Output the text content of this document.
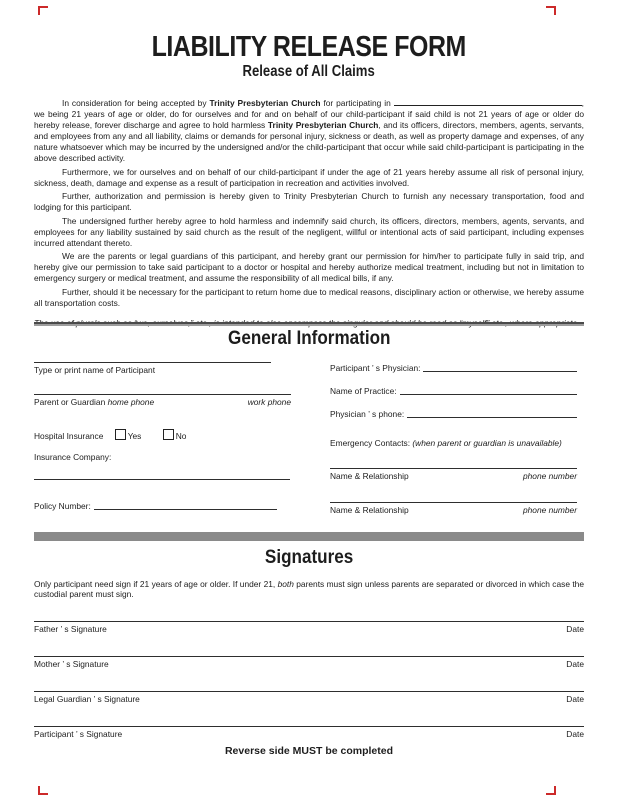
LIABILITY RELEASE FORM
Release of All Claims

In consideration for being accepted by Trinity Presbyterian Church for participating in	, we being 21 years of age or older, do for ourselves and for and on behalf of our child-participant if said child is not 21 years of age or older do hereby release, forever discharge and agree to hold harmless Trinity Presbyterian Church, and its officers, directors, members, agents, servants, and employees from any and all liability, claims or demands for personal injury, sickness or death, as well as property damage and expenses, of any nature whatsoever which may be incurred by the undersigned and/or the child-participant that occur while said child-participant is participating in the above described activity.

Furthermore, we for ourselves and on behalf of our child-participant if under the age of 21 years hereby assume all risk of personal injury, sickness, death, damage and expense as a result of participation in recreation and activities involved.

Further, authorization and permission is hereby given to Trinity Presbyterian Church to furnish any necessary transportation, food and lodging for this participant.

The undersigned further hereby agree to hold harmless and indemnify said church, its officers, directors, members, agents, servants, and employees for any liability sustained by said church as the result of the negligent, willful or intentional acts of said participant, including expenses incurred attendant thereto.

We are the parents or legal guardians of this participant, and hereby grant our permission for him/her to participate fully in said trip, and hereby give our permission to take said participant to a doctor or hospital and hereby authorize medical treatment, including but not in limitation to emergency surgery or medical treatment, and assume the responsibility of all medical bills, if any.

Further, should it be necessary for the participant to return home due to medical reasons, disciplinary action or otherwise, we hereby assume all transportation costs.

General Information
Type or print name of Participant
Parent or Guardian home phone	work phone
Hospital Insurance	Yes	No
Insurance Company:
Policy Number:
Participant ’ s Physician:
Name of Practice:
Physician ’ s phone:
Emergency Contacts: (when parent or guardian is unavailable)
Name & Relationship	phone number
Name & Relationship	phone number
Signatures
Only participant need sign if 21 years of age or older. If under 21, both parents must sign unless parents are separated or divorced in which case the custodial parent must sign.
Father ’ s Signature	Date
Mother ’ s Signature	Date
Legal Guardian ’ s Signature	Date
Participant ’ s Signature	Date
Reverse side MUST be completed
